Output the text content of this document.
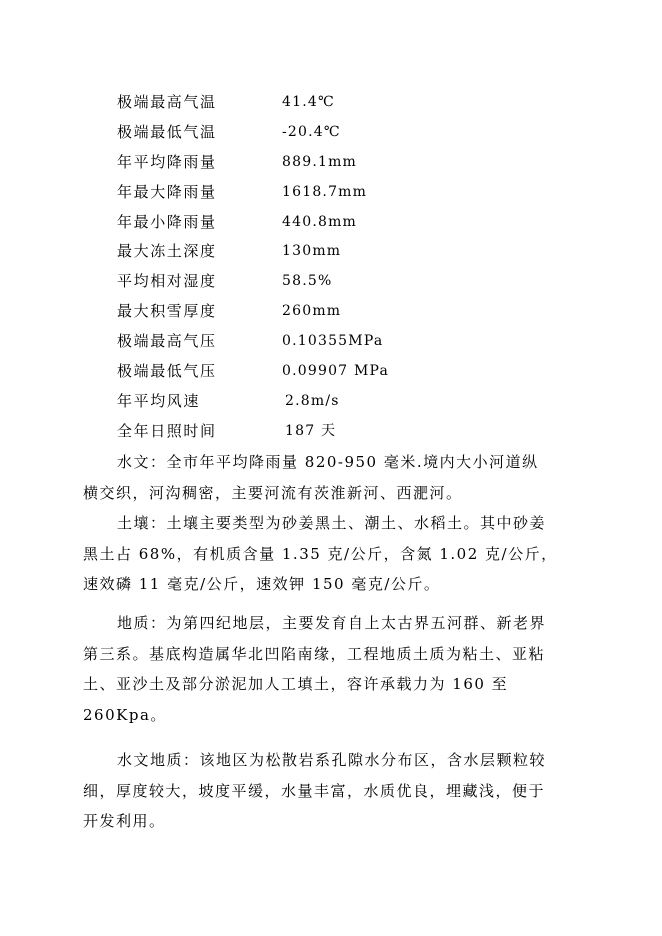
极端最高气温	41.4℃
极端最低气温	-20.4℃
年平均降雨量	889.1mm
年最大降雨量	1618.7mm
年最小降雨量	440.8mm
最大冻土深度	130mm
平均相对湿度	58.5%
最大积雪厚度	260mm
极端最高气压	0.10355MPa
极端最低气压	0.09907 MPa
年平均风速	2.8m/s
全年日照时间	187 天
水文：全市年平均降雨量 820-950 毫米.境内大小河道纵
横交织，河沟稠密，主要河流有茨淮新河、西淝河。
土壤：土壤主要类型为砂姜黑土、潮土、水稻土。其中砂姜
黑土占 68%，有机质含量 1.35 克/公斤，含氮 1.02 克/公斤，
速效磷 11 毫克/公斤，速效钾 150 毫克/公斤。
地质：为第四纪地层，主要发育自上太古界五河群、新老界
第三系。基底构造属华北凹陷南缘，工程地质土质为粘土、亚粘
土、亚沙土及部分淤泥加人工填土，容许承载力为 160 至
260Kpa。
水文地质：该地区为松散岩系孔隙水分布区，含水层颗粒较
细，厚度较大，坡度平缓，水量丰富，水质优良，埋藏浅，便于
开发利用。
